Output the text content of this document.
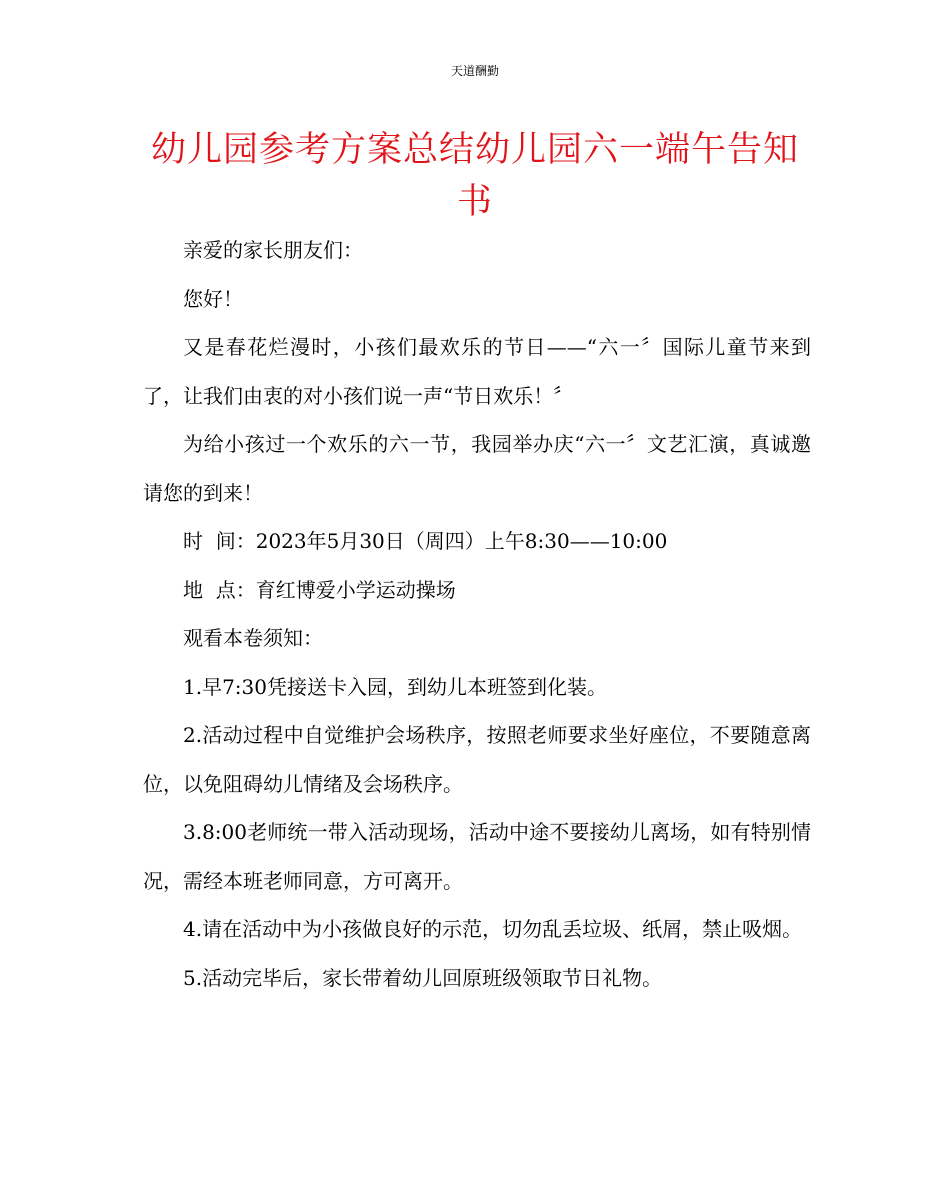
天道酬勤
幼儿园参考方案总结幼儿园六一端午告知书

亲爱的家长朋友们：

您好！

又是春花烂漫时，小孩们最欢乐的节日——“六一〞国际儿童节来到了，让我们由衷的对小孩们说一声“节日欢乐！〞

为给小孩过一个欢乐的六一节，我园举办庆“六一〞文艺汇演，真诚邀请您的到来！

时  间：2023年5月30日（周四）上午8:30——10:00

地  点：育红博爱小学运动操场

观看本卷须知：

1.早7:30凭接送卡入园，到幼儿本班签到化装。

2.活动过程中自觉维护会场秩序，按照老师要求坐好座位，不要随意离位，以免阻碍幼儿情绪及会场秩序。

3.8:00老师统一带入活动现场，活动中途不要接幼儿离场，如有特别情况，需经本班老师同意，方可离开。

4.请在活动中为小孩做良好的示范，切勿乱丢垃圾、纸屑，禁止吸烟。

5.活动完毕后，家长带着幼儿回原班级领取节日礼物。
